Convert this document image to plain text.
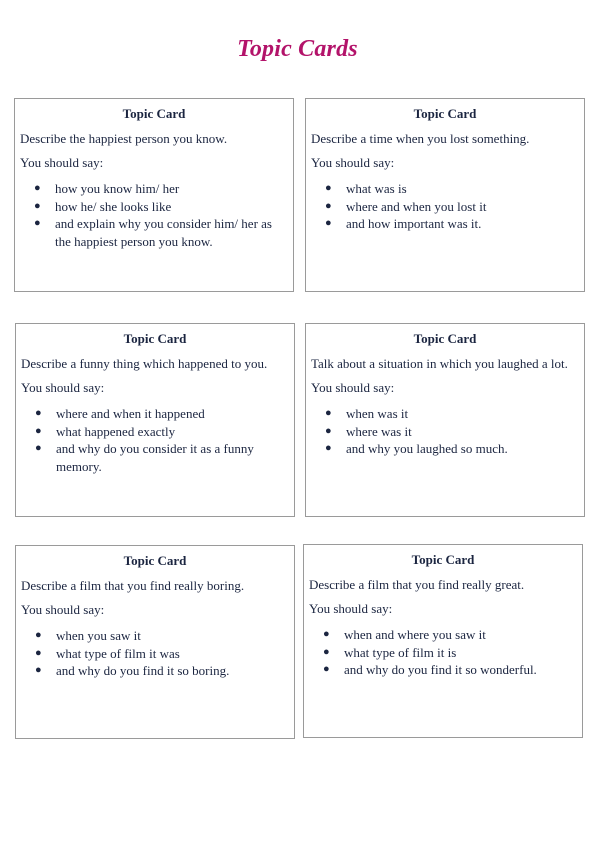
Topic Cards
Topic Card
Describe the happiest person you know.
You should say:
● how you know him/ her
● how he/ she looks like
● and explain why you consider him/ her as the happiest person you know.
Topic Card
Describe a time when you lost something.
You should say:
● what was is
● where and when you lost it
● and how important was it.
Topic Card
Describe a funny thing which happened to you.
You should say:
● where and when it happened
● what happened exactly
● and why do you consider it as a funny memory.
Topic Card
Talk about a situation in which you laughed a lot.
You should say:
● when was it
● where was it
● and why you laughed so much.
Topic Card
Describe a film that you find really boring.
You should say:
● when you saw it
● what type of film it was
● and why do you find it so boring.
Topic Card
Describe a film that you find really great.
You should say:
● when and where you saw it
● what type of film it is
● and why do you find it so wonderful.
